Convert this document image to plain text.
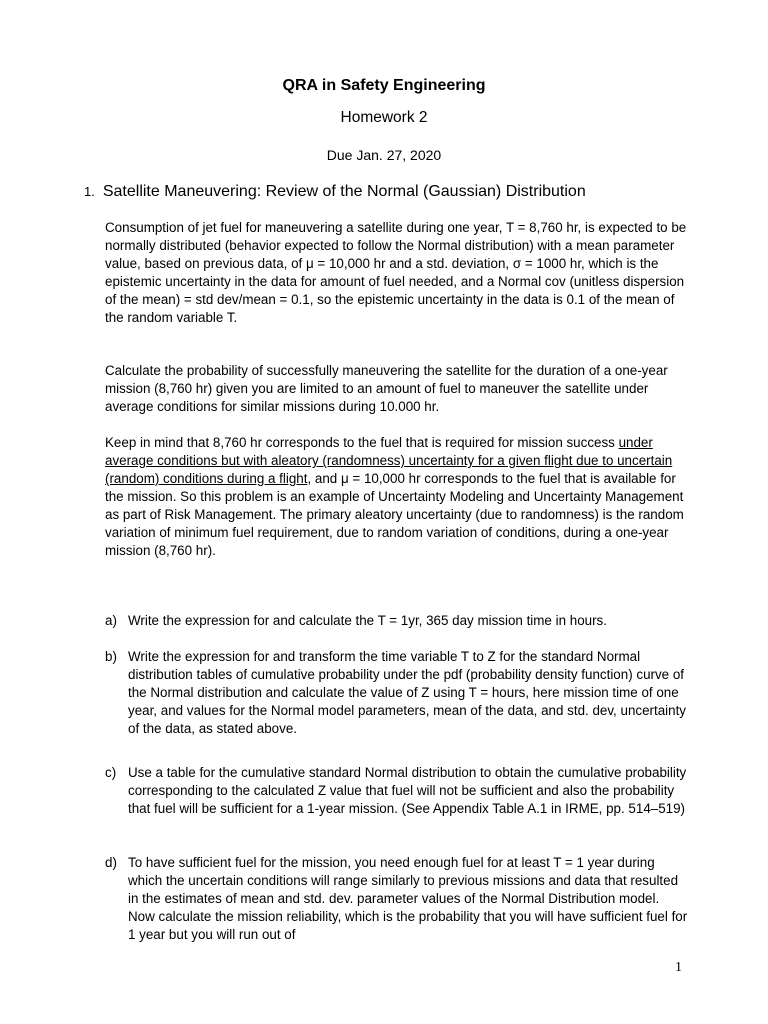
QRA in Safety Engineering
Homework 2
Due Jan. 27, 2020
1. Satellite Maneuvering: Review of the Normal (Gaussian) Distribution
Consumption of jet fuel for maneuvering a satellite during one year, T = 8,760 hr, is expected to be normally distributed (behavior expected to follow the Normal distribution) with a mean parameter value, based on previous data, of μ = 10,000 hr and a std. deviation, σ = 1000 hr, which is the epistemic uncertainty in the data for amount of fuel needed, and a Normal cov (unitless dispersion of the mean) = std dev/mean = 0.1, so the epistemic uncertainty in the data is 0.1 of the mean of the random variable T.
Calculate the probability of successfully maneuvering the satellite for the duration of a one-year mission (8,760 hr) given you are limited to an amount of fuel to maneuver the satellite under average conditions for similar missions during 10.000 hr.
Keep in mind that 8,760 hr corresponds to the fuel that is required for mission success under average conditions but with aleatory (randomness) uncertainty for a given flight due to uncertain (random) conditions during a flight, and μ = 10,000 hr corresponds to the fuel that is available for the mission. So this problem is an example of Uncertainty Modeling and Uncertainty Management as part of Risk Management. The primary aleatory uncertainty (due to randomness) is the random variation of minimum fuel requirement, due to random variation of conditions, during a one-year mission (8,760 hr).
a) Write the expression for and calculate the T = 1yr, 365 day mission time in hours.
b) Write the expression for and transform the time variable T to Z for the standard Normal distribution tables of cumulative probability under the pdf (probability density function) curve of the Normal distribution and calculate the value of Z using T = hours, here mission time of one year, and values for the Normal model parameters, mean of the data, and std. dev, uncertainty of the data, as stated above.
c) Use a table for the cumulative standard Normal distribution to obtain the cumulative probability corresponding to the calculated Z value that fuel will not be sufficient and also the probability that fuel will be sufficient for a 1-year mission. (See Appendix Table A.1 in IRME, pp. 514–519)
d) To have sufficient fuel for the mission, you need enough fuel for at least T = 1 year during which the uncertain conditions will range similarly to previous missions and data that resulted in the estimates of mean and std. dev. parameter values of the Normal Distribution model. Now calculate the mission reliability, which is the probability that you will have sufficient fuel for 1 year but you will run out of
1
